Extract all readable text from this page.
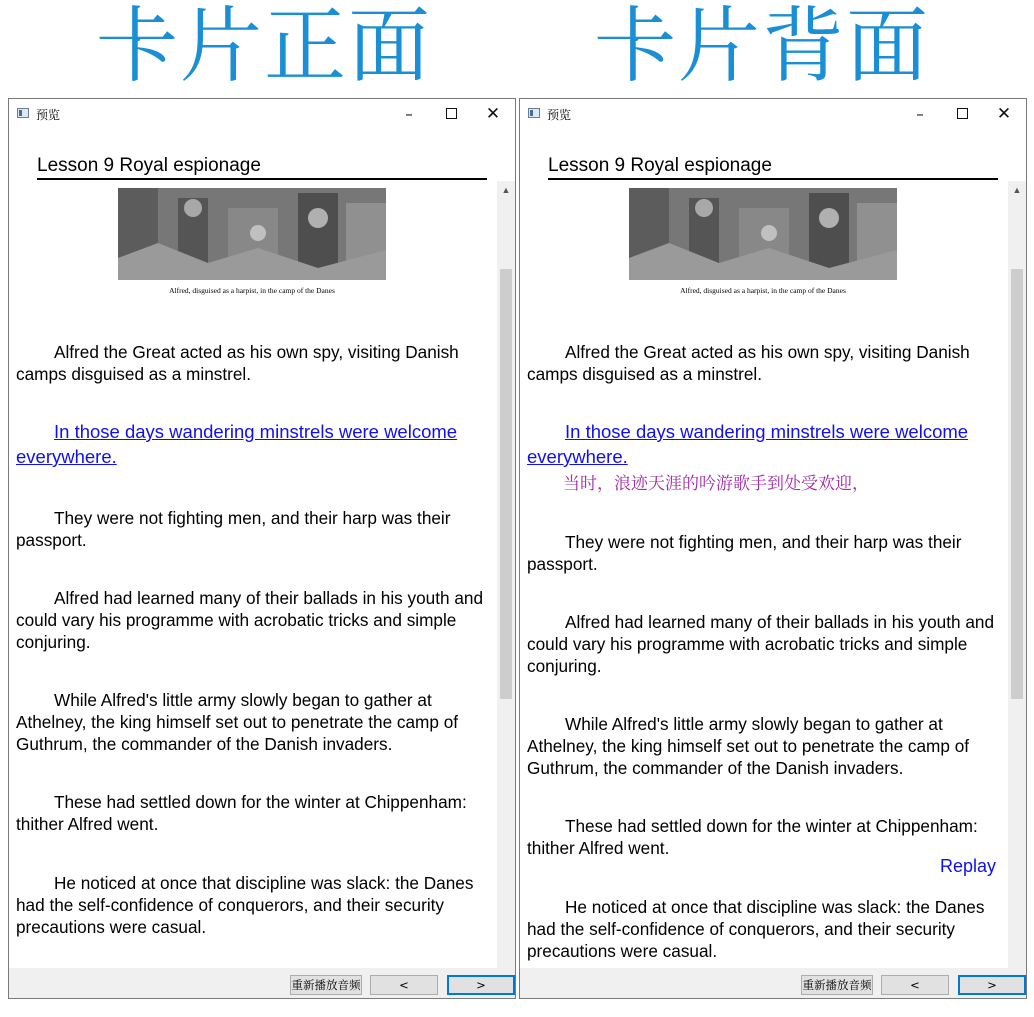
卡片正面 卡片背面
预览	–	✕
Lesson 9 Royal espionage
Alfred, disguised as a harpist, in the camp of the Danes
Alfred the Great acted as his own spy, visiting Danish camps disguised as a minstrel.
In those days wandering minstrels were welcome everywhere.
They were not fighting men, and their harp was their passport.
Alfred had learned many of their ballads in his youth and could vary his programme with acrobatic tricks and simple conjuring.
While Alfred's little army slowly began to gather at Athelney, the king himself set out to penetrate the camp of Guthrum, the commander of the Danish invaders.
These had settled down for the winter at Chippenham: thither Alfred went.
He noticed at once that discipline was slack: the Danes had the self-confidence of conquerors, and their security precautions were casual.
▲
重新播放音频	<	>
预览	–	✕
Lesson 9 Royal espionage
Alfred, disguised as a harpist, in the camp of the Danes
Alfred the Great acted as his own spy, visiting Danish camps disguised as a minstrel.
In those days wandering minstrels were welcome everywhere.
当时，浪迹天涯的吟游歌手到处受欢迎，
They were not fighting men, and their harp was their passport.
Alfred had learned many of their ballads in his youth and could vary his programme with acrobatic tricks and simple conjuring.
While Alfred's little army slowly began to gather at Athelney, the king himself set out to penetrate the camp of Guthrum, the commander of the Danish invaders.
These had settled down for the winter at Chippenham: thither Alfred went.
Replay
He noticed at once that discipline was slack: the Danes had the self-confidence of conquerors, and their security precautions were casual.
▲
重新播放音频	<	>
